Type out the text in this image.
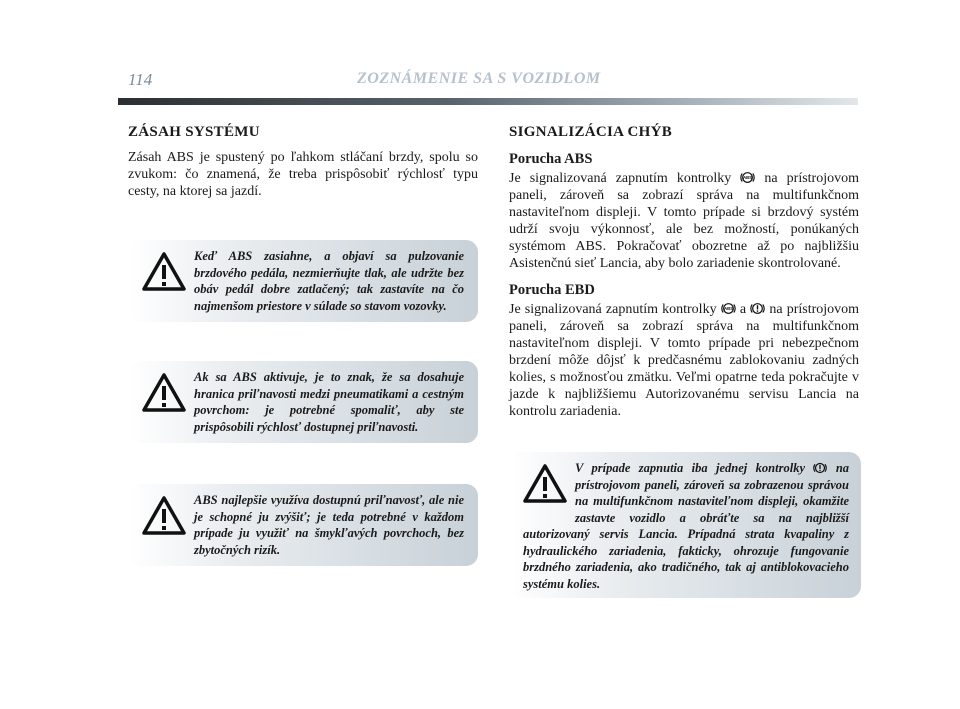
114	ZOZNÁMENIE SA S VOZIDLOM
ZÁSAH SYSTÉMU

Zásah ABS je spustený po ľahkom stláčaní brzdy, spolu so zvukom: čo znamená, že treba prispôsobiť rýchlosť typu cesty, na ktorej sa jazdí.

Keď ABS zasiahne, a objaví sa pulzovanie brzdového pedála, nezmierňujte tlak, ale udržte bez obáv pedál dobre zatlačený; tak zastavíte na čo najmenšom priestore v súlade so stavom vozovky.

Ak sa ABS aktivuje, je to znak, že sa dosahuje hranica priľnavosti medzi pneumatikami a cestným povrchom: je potrebné spomaliť, aby ste prispôsobili rýchlosť dostupnej priľnavosti.

ABS najlepšie využíva dostupnú priľnavosť, ale nie je schopné ju zvýšiť; je teda potrebné v každom prípade ju využiť na šmykľavých povrchoch, bez zbytočných rizík.

SIGNALIZÁCIA CHÝB
Porucha ABS

Je signalizovaná zapnutím kontrolky	ABS na prístrojovom paneli, zároveň sa zobrazí správa na multifunkčnom nastaviteľnom displeji. V tomto prípade si brzdový systém udrží svoju výkonnosť, ale bez možností, ponúkaných systémom ABS. Pokračovať obozretne až po najbližšiu Asistenčnú sieť Lancia, aby bolo zariadenie skontrolované.

Porucha EBD

Je signalizovaná zapnutím kontrolky ABS a na prístrojovom paneli, zároveň sa zobrazí správa na multifunkčnom nastaviteľnom displeji. V tomto prípade pri nebezpečnom brzdení môže dôjsť k predčasnému zablokovaniu zadných kolies, s možnosťou zmätku. Veľmi opatrne teda pokračujte v jazde k najbližšiemu Autorizovanému servisu Lancia na kontrolu zariadenia.

V prípade zapnutia iba jednej kontrolky na prístrojovom paneli, zároveň sa zobrazenou správou na multifunkčnom nastaviteľnom displeji, okamžite zastavte vozidlo a obráťte sa na najbližší autorizovaný servis Lancia. Prípadná strata kvapaliny z hydraulického zariadenia, fakticky, ohrozuje fungovanie brzdného zariadenia, ako tradičného, tak aj antiblokovacieho systému kolies.
